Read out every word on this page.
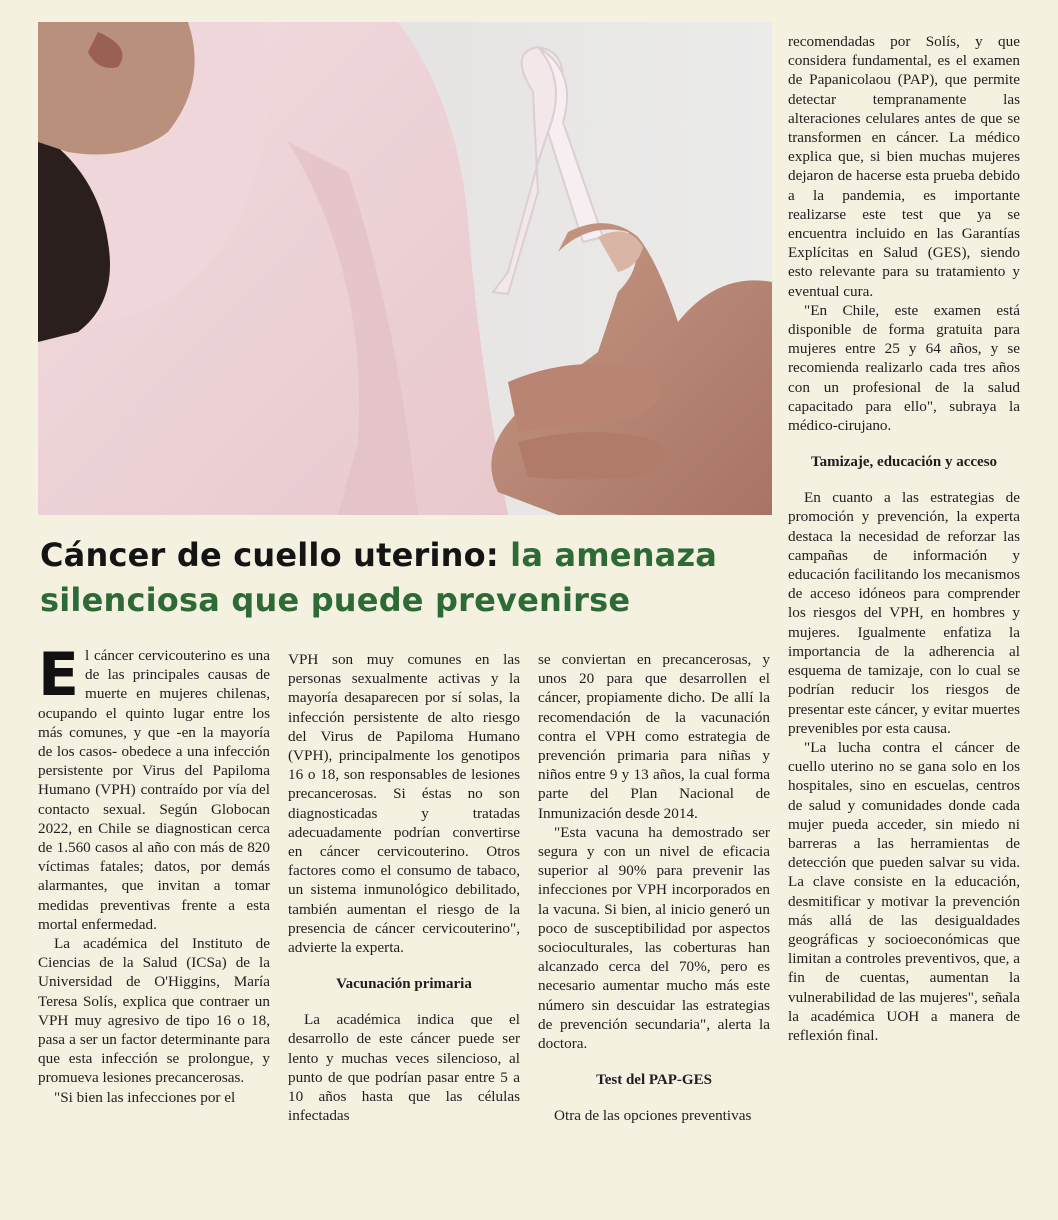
Cáncer de cuello uterino: la amenaza silenciosa que puede prevenirse
E l cáncer cervicouterino es una de las principales causas de muerte en mujeres chilenas, ocupando el quinto lugar entre los más comunes, y que -en la mayoría de los casos- obedece a una infección persistente por Virus del Papiloma Humano (VPH) contraído por vía del contacto sexual. Según Globocan 2022, en Chile se diagnostican cerca de 1.560 casos al año con más de 820 víctimas fatales; datos, por demás alarmantes, que invitan a tomar medidas preventivas frente a esta mortal enfermedad.

La académica del Instituto de Ciencias de la Salud (ICSa) de la Universidad de O'Higgins, María Teresa Solís, explica que contraer un VPH muy agresivo de tipo 16 o 18, pasa a ser un factor determinante para que esta infección se prolongue, y promueva lesiones precancerosas.

"Si bien las infecciones por el

VPH son muy comunes en las personas sexualmente activas y la mayoría desaparecen por sí solas, la infección persistente de alto riesgo del Virus de Papiloma Humano (VPH), principalmente los genotipos 16 o 18, son responsables de lesiones precancerosas. Si éstas no son diagnosticadas y tratadas adecuadamente podrían convertirse en cáncer cervicouterino. Otros factores como el consumo de tabaco, un sistema inmunológico debilitado, también aumentan el riesgo de la presencia de cáncer cervicouterino", advierte la experta.

Vacunación primaria

La académica indica que el desarrollo de este cáncer puede ser lento y muchas veces silencioso, al punto de que podrían pasar entre 5 a 10 años hasta que las células infectadas

se conviertan en precancerosas, y unos 20 para que desarrollen el cáncer, propiamente dicho. De allí la recomendación de la vacunación contra el VPH como estrategia de prevención primaria para niñas y niños entre 9 y 13 años, la cual forma parte del Plan Nacional de Inmunización desde 2014.

"Esta vacuna ha demostrado ser segura y con un nivel de eficacia superior al 90% para prevenir las infecciones por VPH incorporados en la vacuna. Si bien, al inicio generó un poco de susceptibilidad por aspectos socioculturales, las coberturas han alcanzado cerca del 70%, pero es necesario aumentar mucho más este número sin descuidar las estrategias de prevención secundaria", alerta la doctora.

Test del PAP-GES

Otra de las opciones preventivas

recomendadas por Solís, y que considera fundamental, es el examen de Papanicolaou (PAP), que permite detectar tempranamente las alteraciones celulares antes de que se transformen en cáncer. La médico explica que, si bien muchas mujeres dejaron de hacerse esta prueba debido a la pandemia, es importante realizarse este test que ya se encuentra incluido en las Garantías Explícitas en Salud (GES), siendo esto relevante para su tratamiento y eventual cura.

"En Chile, este examen está disponible de forma gratuita para mujeres entre 25 y 64 años, y se recomienda realizarlo cada tres años con un profesional de la salud capacitado para ello", subraya la médico-cirujano.

Tamizaje, educación y acceso

En cuanto a las estrategias de promoción y prevención, la experta destaca la necesidad de reforzar las campañas de información y educación facilitando los mecanismos de acceso idóneos para comprender los riesgos del VPH, en hombres y mujeres. Igualmente enfatiza la importancia de la adherencia al esquema de tamizaje, con lo cual se podrían reducir los riesgos de presentar este cáncer, y evitar muertes prevenibles por esta causa.

"La lucha contra el cáncer de cuello uterino no se gana solo en los hospitales, sino en escuelas, centros de salud y comunidades donde cada mujer pueda acceder, sin miedo ni barreras a las herramientas de detección que pueden salvar su vida. La clave consiste en la educación, desmitificar y motivar la prevención más allá de las desigualdades geográficas y socioeconómicas que limitan a controles preventivos, que, a fin de cuentas, aumentan la vulnerabilidad de las mujeres", señala la académica UOH a manera de reflexión final.
